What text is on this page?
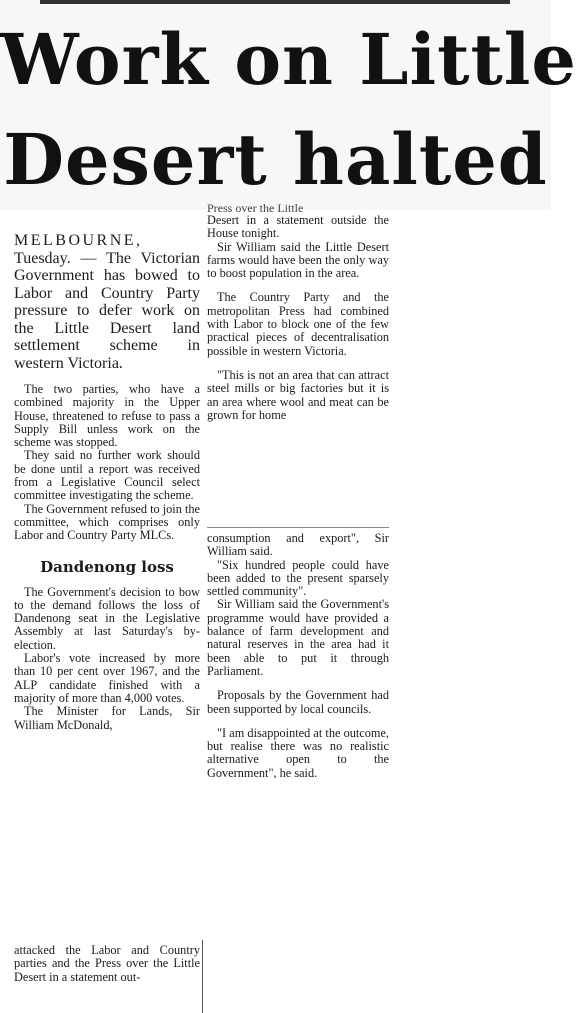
Work on Little
Desert halted
Press over the Little

MELBOURNE, Tuesday. — The Victorian Government has bowed to Labor and Country Party pressure to defer work on the Little Desert land settlement scheme in western Victoria.

The two parties, who have a combined majority in the Upper House, threatened to refuse to pass a Supply Bill unless work on the scheme was stopped.

They said no further work should be done until a report was received from a Legislative Council select committee investigating the scheme.

The Government refused to join the committee, which comprises only Labor and Country Party MLCs.

Dandenong loss

The Government's decision to bow to the demand follows the loss of Dandenong seat in the Legislative Assembly at last Saturday's by-election.

Labor's vote increased by more than 10 per cent over 1967, and the ALP candidate finished with a majority of more than 4,000 votes.

The Minister for Lands, Sir William McDonald,

attacked the Labor and Country parties and the Press over the Little Desert in a statement out-

Desert in a statement outside the House tonight.

Sir William said the Little Desert farms would have been the only way to boost population in the area.

The Country Party and the metropolitan Press had combined with Labor to block one of the few practical pieces of decentralisation possible in western Victoria.

"This is not an area that can attract steel mills or big factories but it is an area where wool and meat can be grown for home

consumption and export", Sir William said.

"Six hundred people could have been added to the present sparsely settled community".

Sir William said the Government's programme would have provided a balance of farm development and natural reserves in the area had it been able to put it through Parliament.

Proposals by the Government had been supported by local councils.

"I am disappointed at the outcome, but realise there was no realistic alternative open to the Government", he said.
